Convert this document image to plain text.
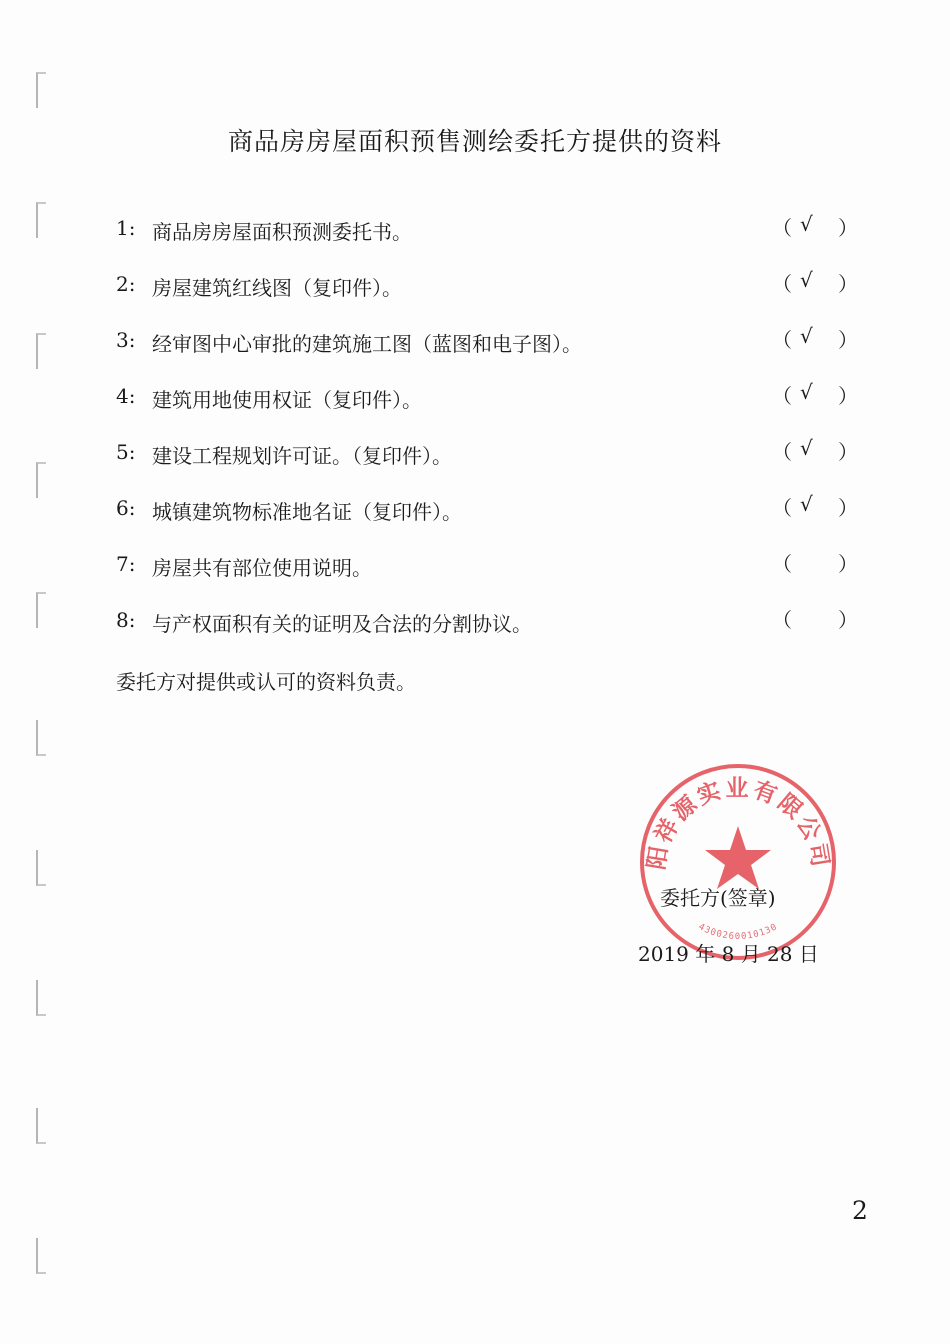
商品房房屋面积预售测绘委托方提供的资料
1: 商品房房屋面积预测委托书。	（ √ ）
2: 房屋建筑红线图（复印件）。	（ √ ）
3: 经审图中心审批的建筑施工图（蓝图和电子图）。	（ √ ）
4: 建筑用地使用权证（复印件）。	（ √ ）
5: 建设工程规划许可证。（复印件）。	（ √ ）
6: 城镇建筑物标准地名证（复印件）。	（ √ ）
7: 房屋共有部位使用说明。	（ ）
8: 与产权面积有关的证明及合法的分割协议。	（ ）
委托方对提供或认可的资料负责。
阳祥源实业有限公司
4300260010130
委托方(签章)
2019 年 8 月 28 日
2
